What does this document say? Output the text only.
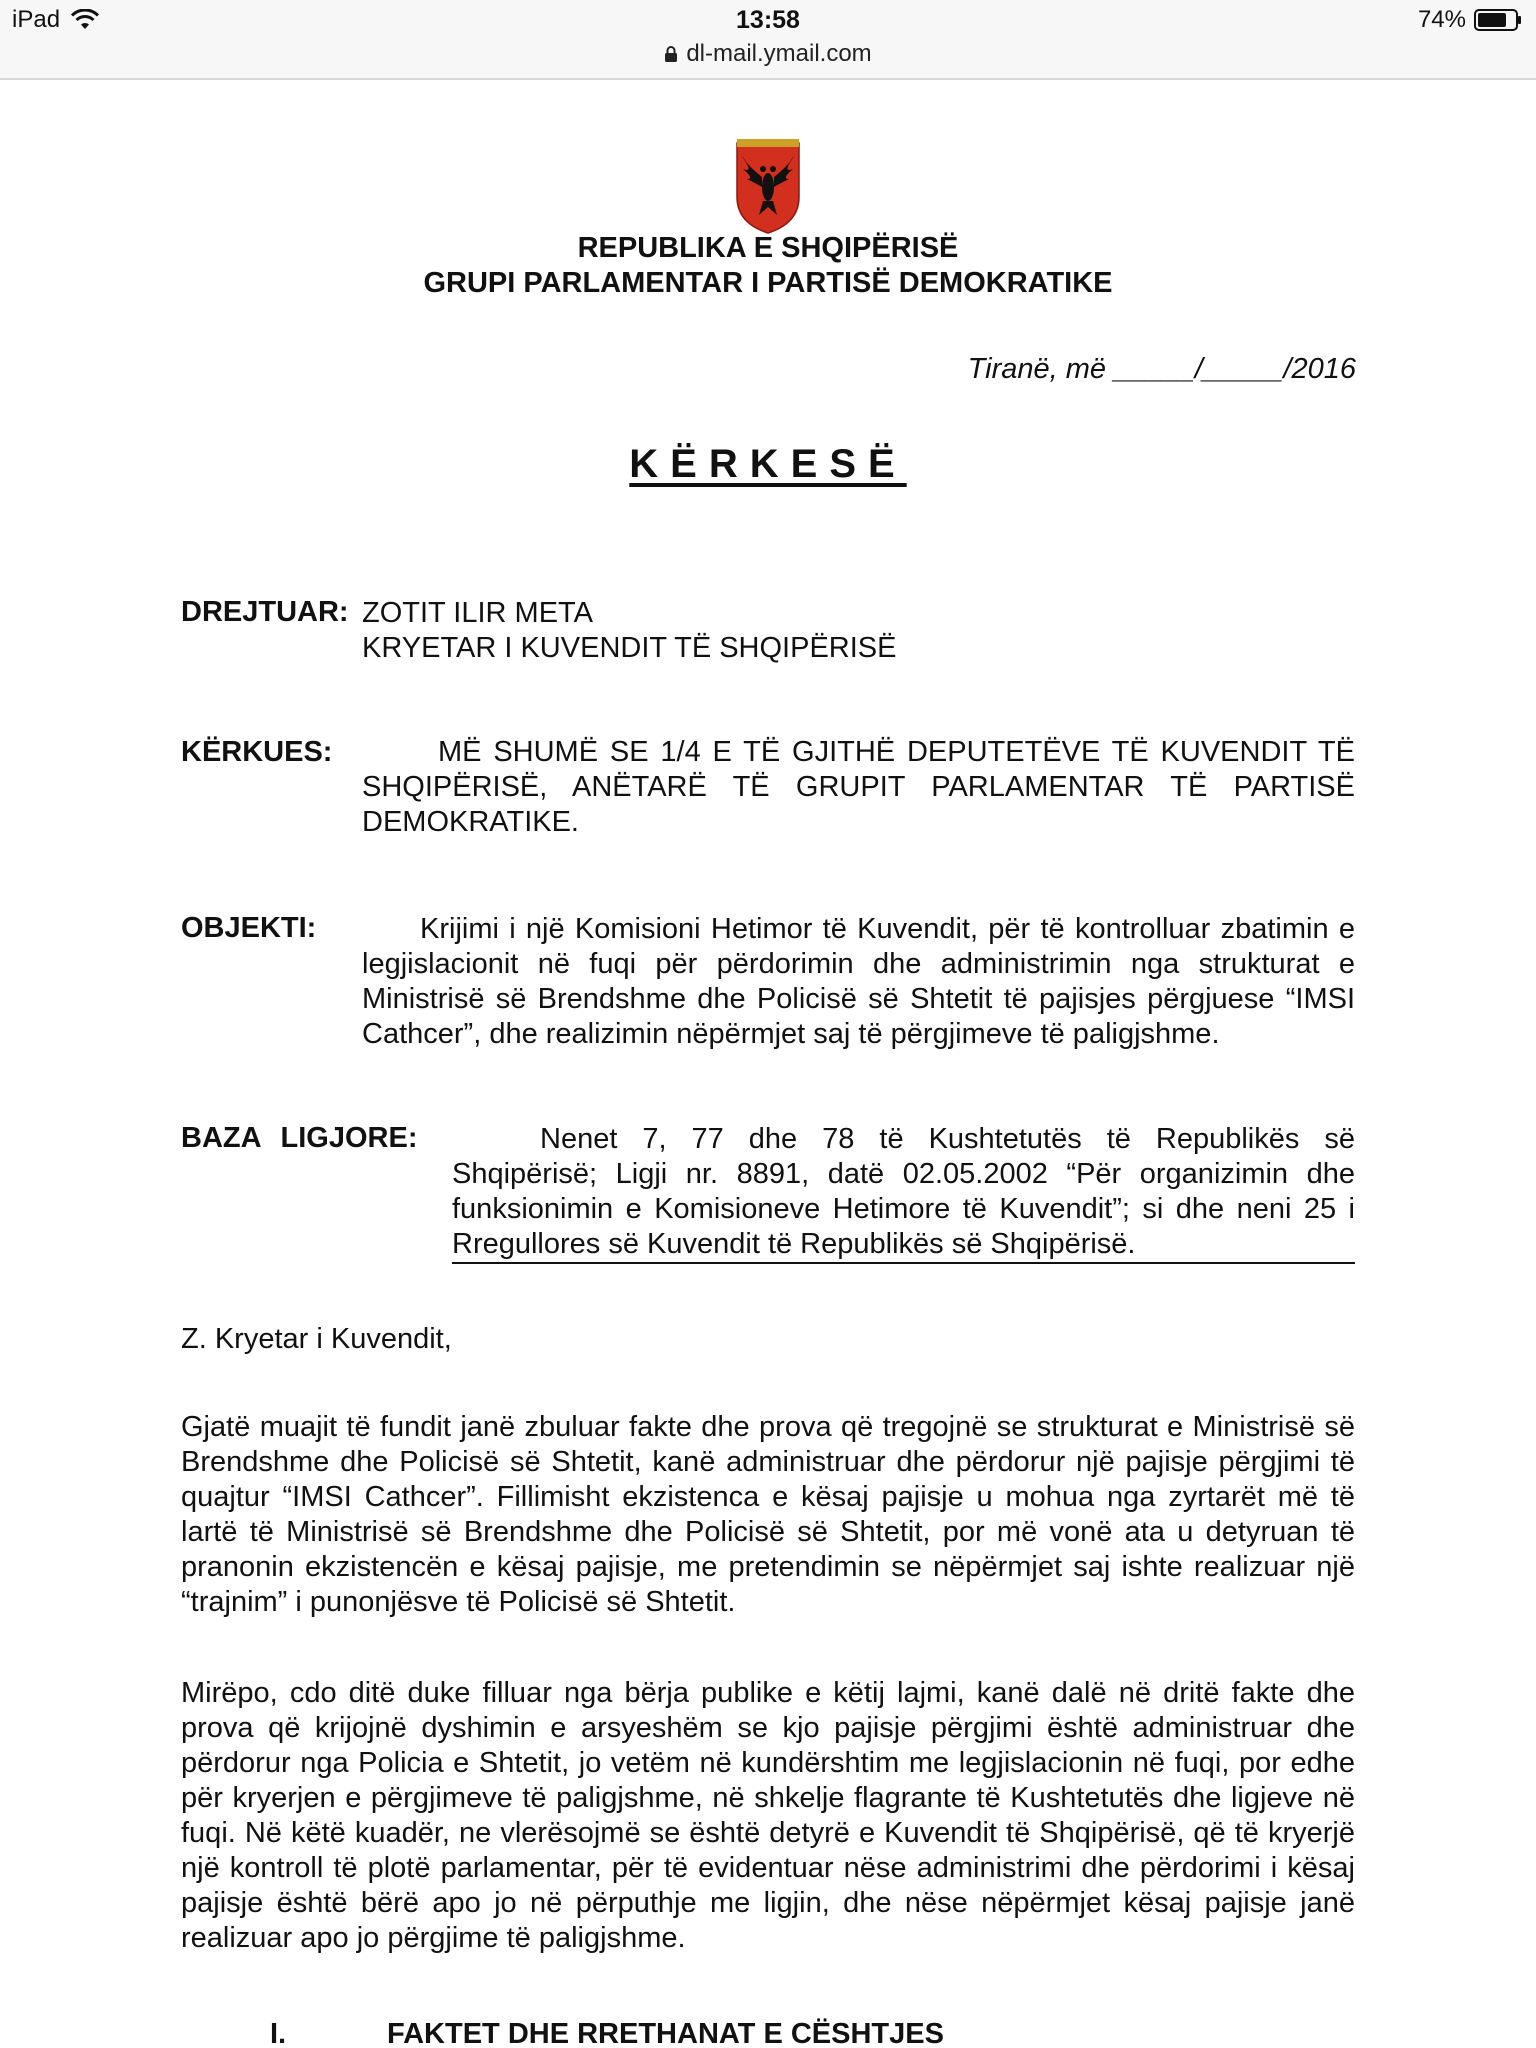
iPad	13:58
dl-mail.ymail.com
74%
REPUBLIKA E SHQIPËRISË
GRUPI PARLAMENTAR I PARTISË DEMOKRATIKE
Tiranë, më _____/_____/2016
KËRKESË
DREJTUAR: ZOTIT ILIR META
KRYETAR I KUVENDIT TË SHQIPËRISË
KËRKUES:	MË SHUMË SE 1/4 E TË GJITHË DEPUTETËVE TË KUVENDIT TË SHQIPËRISË, ANËTARË TË GRUPIT PARLAMENTAR TË PARTISË DEMOKRATIKE.
OBJEKTI:	Krijimi i një Komisioni Hetimor të Kuvendit, për të kontrolluar zbatimin e legjislacionit në fuqi për përdorimin dhe administrimin nga strukturat e Ministrisë së Brendshme dhe Policisë së Shtetit të pajisjes përgjuese “IMSI Cathcer”, dhe realizimin nëpërmjet saj të përgjimeve të paligjshme.
BAZA LIGJORE:	Nenet 7, 77 dhe 78 të Kushtetutës të Republikës së Shqipërisë; Ligji nr. 8891, datë 02.05.2002 “Për organizimin dhe funksionimin e Komisioneve Hetimore të Kuvendit”; si dhe neni 25 i Rregullores së Kuvendit të Republikës së Shqipërisë.
Z. Kryetar i Kuvendit,
Gjatë muajit të fundit janë zbuluar fakte dhe prova që tregojnë se strukturat e Ministrisë së Brendshme dhe Policisë së Shtetit, kanë administruar dhe përdorur një pajisje përgjimi të quajtur “IMSI Cathcer”. Fillimisht ekzistenca e kësaj pajisje u mohua nga zyrtarët më të lartë të Ministrisë së Brendshme dhe Policisë së Shtetit, por më vonë ata u detyruan të pranonin ekzistencën e kësaj pajisje, me pretendimin se nëpërmjet saj ishte realizuar një “trajnim” i punonjësve të Policisë së Shtetit.
Mirëpo, cdo ditë duke filluar nga bërja publike e këtij lajmi, kanë dalë në dritë fakte dhe prova që krijojnë dyshimin e arsyeshëm se kjo pajisje përgjimi është administruar dhe përdorur nga Policia e Shtetit, jo vetëm në kundërshtim me legjislacionin në fuqi, por edhe për kryerjen e përgjimeve të paligjshme, në shkelje flagrante të Kushtetutës dhe ligjeve në fuqi. Në këtë kuadër, ne vlerësojmë se është detyrë e Kuvendit të Shqipërisë, që të kryerjë një kontroll të plotë parlamentar, për të evidentuar nëse administrimi dhe përdorimi i kësaj pajisje është bërë apo jo në përputhje me ligjin, dhe nëse nëpërmjet kësaj pajisje janë realizuar apo jo përgjime të paligjshme.
I.	FAKTET DHE RRETHANAT E CËSHTJES
